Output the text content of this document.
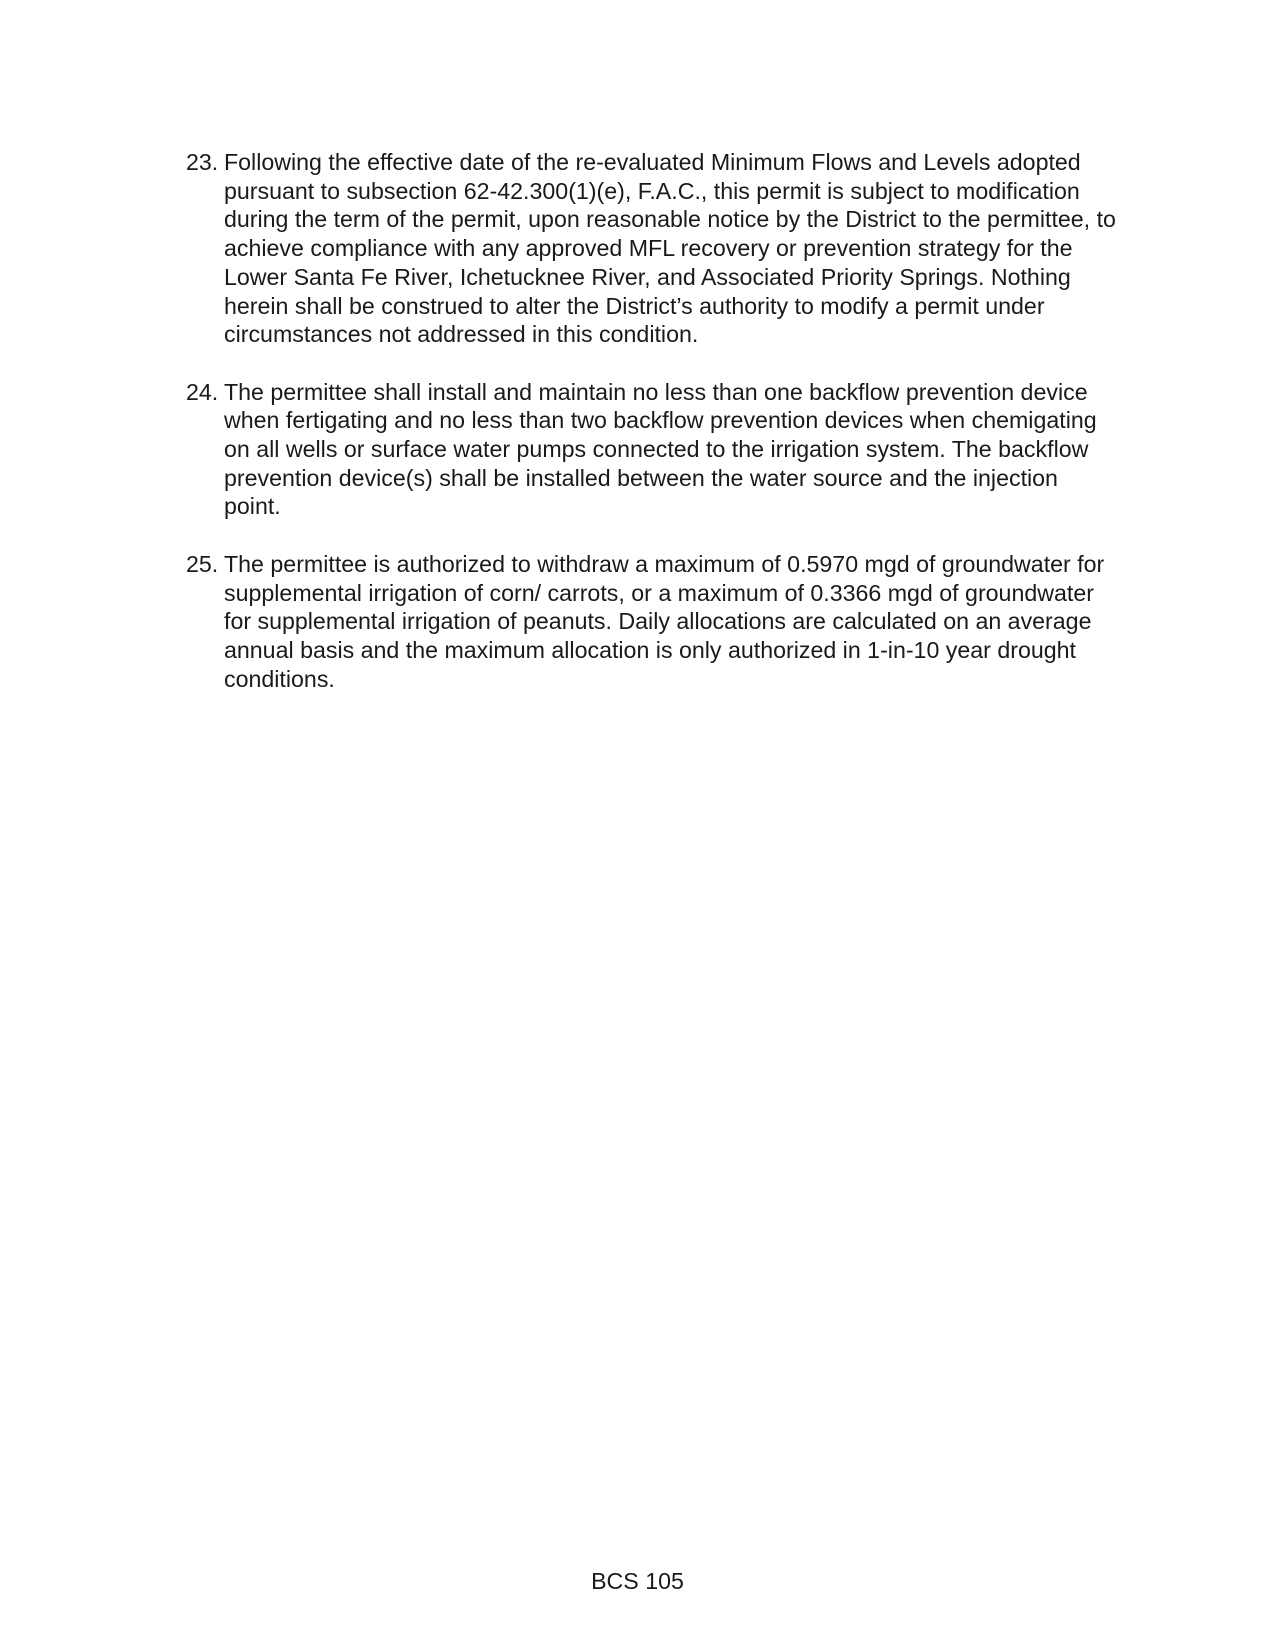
23. Following the effective date of the re-evaluated Minimum Flows and Levels adopted pursuant to subsection 62-42.300(1)(e), F.A.C., this permit is subject to modification during the term of the permit, upon reasonable notice by the District to the permittee, to achieve compliance with any approved MFL recovery or prevention strategy for the Lower Santa Fe River, Ichetucknee River, and Associated Priority Springs. Nothing herein shall be construed to alter the District’s authority to modify a permit under circumstances not addressed in this condition.

24. The permittee shall install and maintain no less than one backflow prevention device when fertigating and no less than two backflow prevention devices when chemigating on all wells or surface water pumps connected to the irrigation system. The backflow prevention device(s) shall be installed between the water source and the injection point.

25. The permittee is authorized to withdraw a maximum of 0.5970 mgd of groundwater for supplemental irrigation of corn/ carrots, or a maximum of 0.3366 mgd of groundwater for supplemental irrigation of peanuts. Daily allocations are calculated on an average annual basis and the maximum allocation is only authorized in 1-in-10 year drought conditions.

BCS 105
